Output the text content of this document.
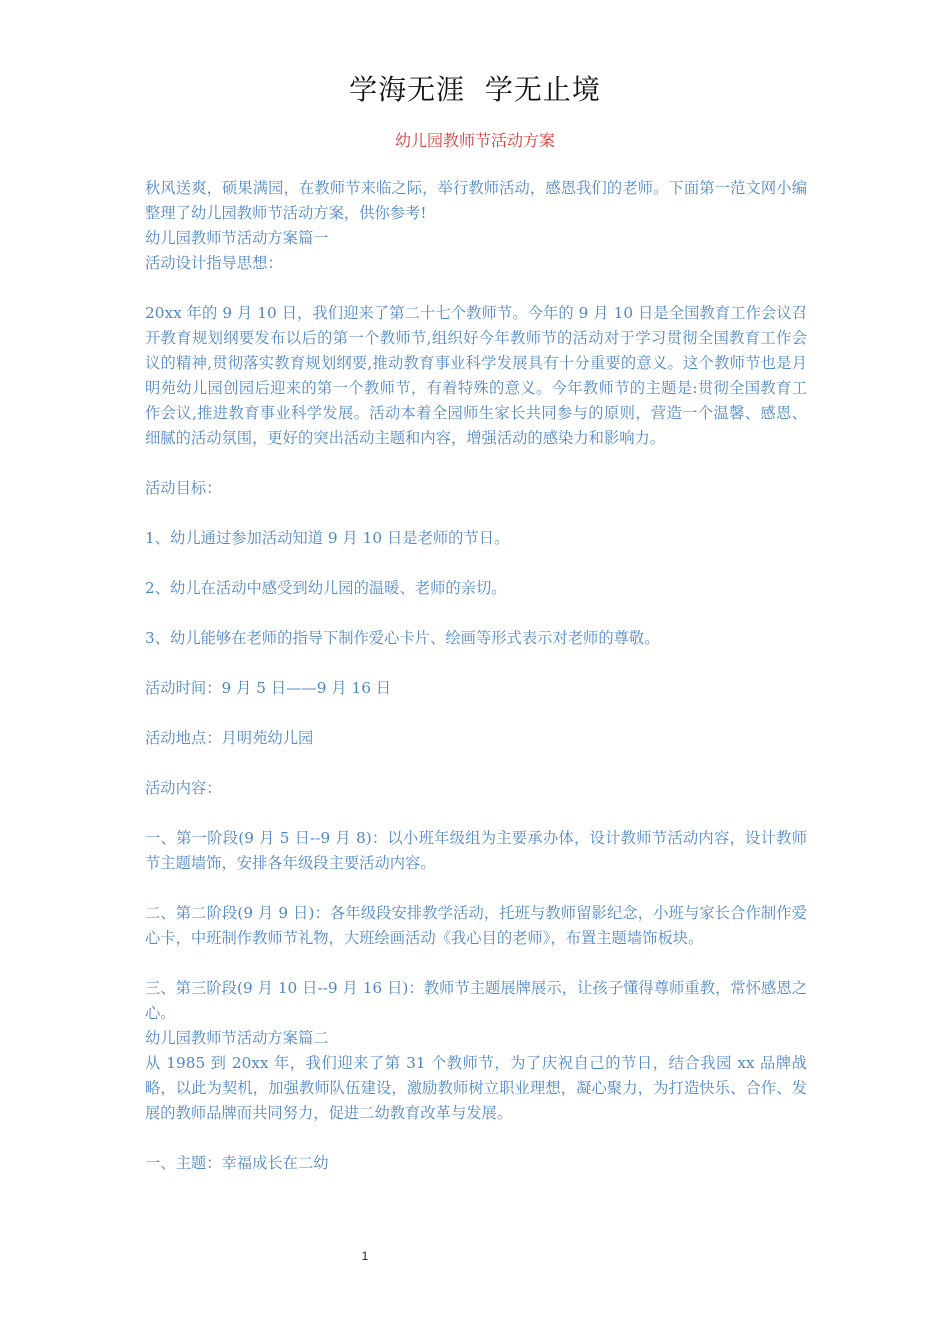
学海无涯  学无止境
幼儿园教师节活动方案

秋风送爽，硕果满园，在教师节来临之际，举行教师活动，感恩我们的老师。下面第一范文网小编整理了幼儿园教师节活动方案，供你参考!

幼儿园教师节活动方案篇一

活动设计指导思想：

20xx 年的 9 月 10 日，我们迎来了第二十七个教师节。今年的 9 月 10 日是全国教育工作会议召开教育规划纲要发布以后的第一个教师节,组织好今年教师节的活动对于学习贯彻全国教育工作会议的精神,贯彻落实教育规划纲要,推动教育事业科学发展具有十分重要的意义。这个教师节也是月明苑幼儿园创园后迎来的第一个教师节，有着特殊的意义。今年教师节的主题是:贯彻全国教育工作会议,推进教育事业科学发展。活动本着全园师生家长共同参与的原则，营造一个温馨、感恩、细腻的活动氛围，更好的突出活动主题和内容，增强活动的感染力和影响力。

活动目标：

1、幼儿通过参加活动知道 9 月 10 日是老师的节日。

2、幼儿在活动中感受到幼儿园的温暖、老师的亲切。

3、幼儿能够在老师的指导下制作爱心卡片、绘画等形式表示对老师的尊敬。

活动时间：9 月 5 日——9 月 16 日

活动地点：月明苑幼儿园

活动内容：

一、第一阶段(9 月 5 日--9 月 8)：以小班年级组为主要承办体，设计教师节活动内容，设计教师节主题墙饰，安排各年级段主要活动内容。

二、第二阶段(9 月 9 日)：各年级段安排教学活动，托班与教师留影纪念，小班与家长合作制作爱心卡，中班制作教师节礼物，大班绘画活动《我心目的老师》，布置主题墙饰板块。

三、第三阶段(9 月 10 日--9 月 16 日)：教师节主题展牌展示，让孩子懂得尊师重教，常怀感恩之心。

幼儿园教师节活动方案篇二

从 1985 到 20xx 年，我们迎来了第 31 个教师节，为了庆祝自己的节日，结合我园 xx 品牌战略，以此为契机，加强教师队伍建设，激励教师树立职业理想，凝心聚力，为打造快乐、合作、发展的教师品牌而共同努力，促进二幼教育改革与发展。

一、主题：幸福成长在二幼

1
